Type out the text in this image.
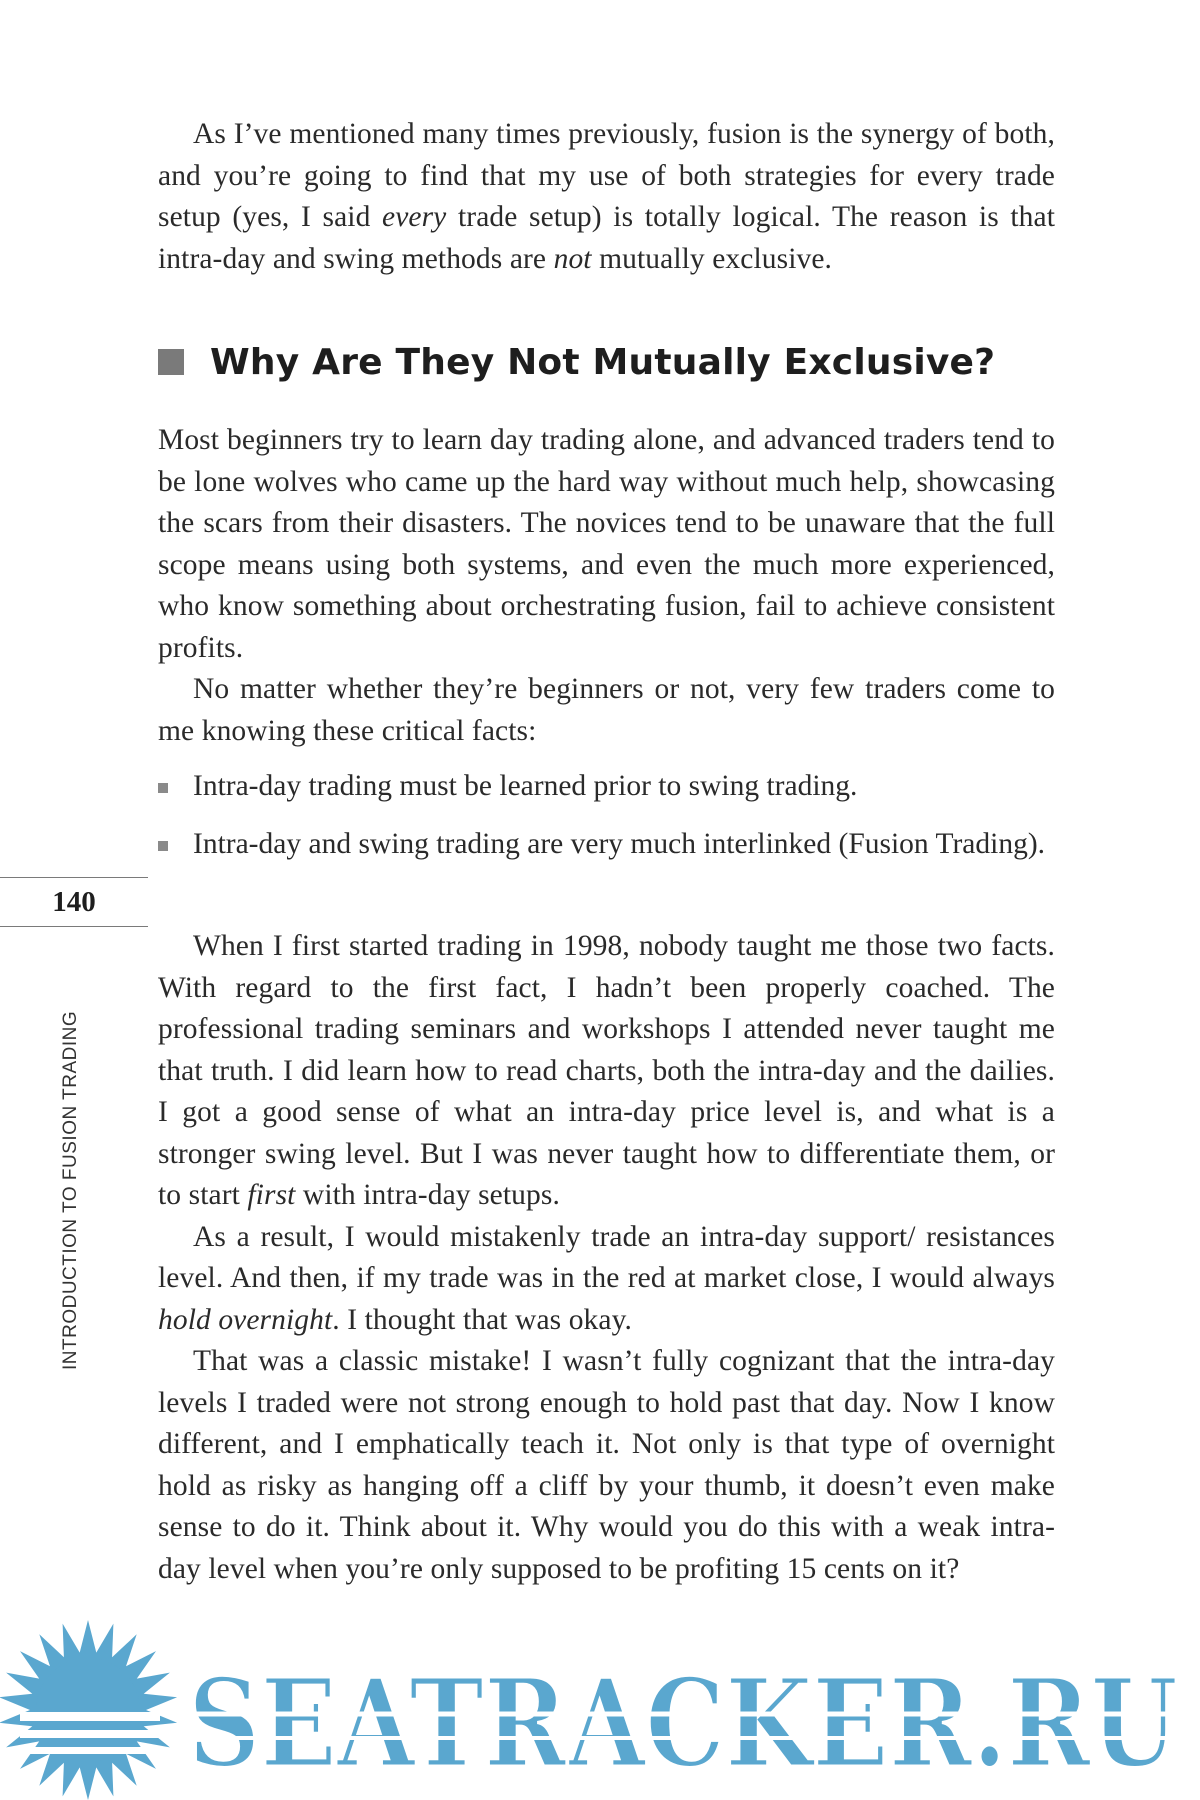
As I’ve mentioned many times previously, fusion is the synergy of both, and you’re going to find that my use of both strategies for every trade setup (yes, I said every trade setup) is totally logical. The reason is that intra-day and swing methods are not mutually exclusive.

Why Are They Not Mutually Exclusive?

Most beginners try to learn day trading alone, and advanced traders tend to be lone wolves who came up the hard way without much help, showcasing the scars from their disasters. The novices tend to be unaware that the full scope means using both systems, and even the much more experienced, who know something about orchestrating fusion, fail to achieve consistent profits.

No matter whether they’re beginners or not, very few traders come to me knowing these critical facts:

Intra-day trading must be learned prior to swing trading.
Intra-day and swing trading are very much interlinked (Fusion Trading).

When I first started trading in 1998, nobody taught me those two facts. With regard to the first fact, I hadn’t been properly coached. The professional trading seminars and workshops I attended never taught me that truth. I did learn how to read charts, both the intra-day and the dailies. I got a good sense of what an intra-day price level is, and what is a stronger swing level. But I was never taught how to differentiate them, or to start first with intra-day setups.

As a result, I would mistakenly trade an intra-day support/ resistances level. And then, if my trade was in the red at market close, I would always hold overnight. I thought that was okay.

That was a classic mistake! I wasn’t fully cognizant that the intra-day levels I traded were not strong enough to hold past that day. Now I know different, and I emphatically teach it. Not only is that type of overnight hold as risky as hanging off a cliff by your thumb, it doesn’t even make sense to do it. Think about it. Why would you do this with a weak intra-day level when you’re only supposed to be profiting 15 cents on it?

140
INTRODUCTION TO FUSION TRADING
SEATRACKER.RU
